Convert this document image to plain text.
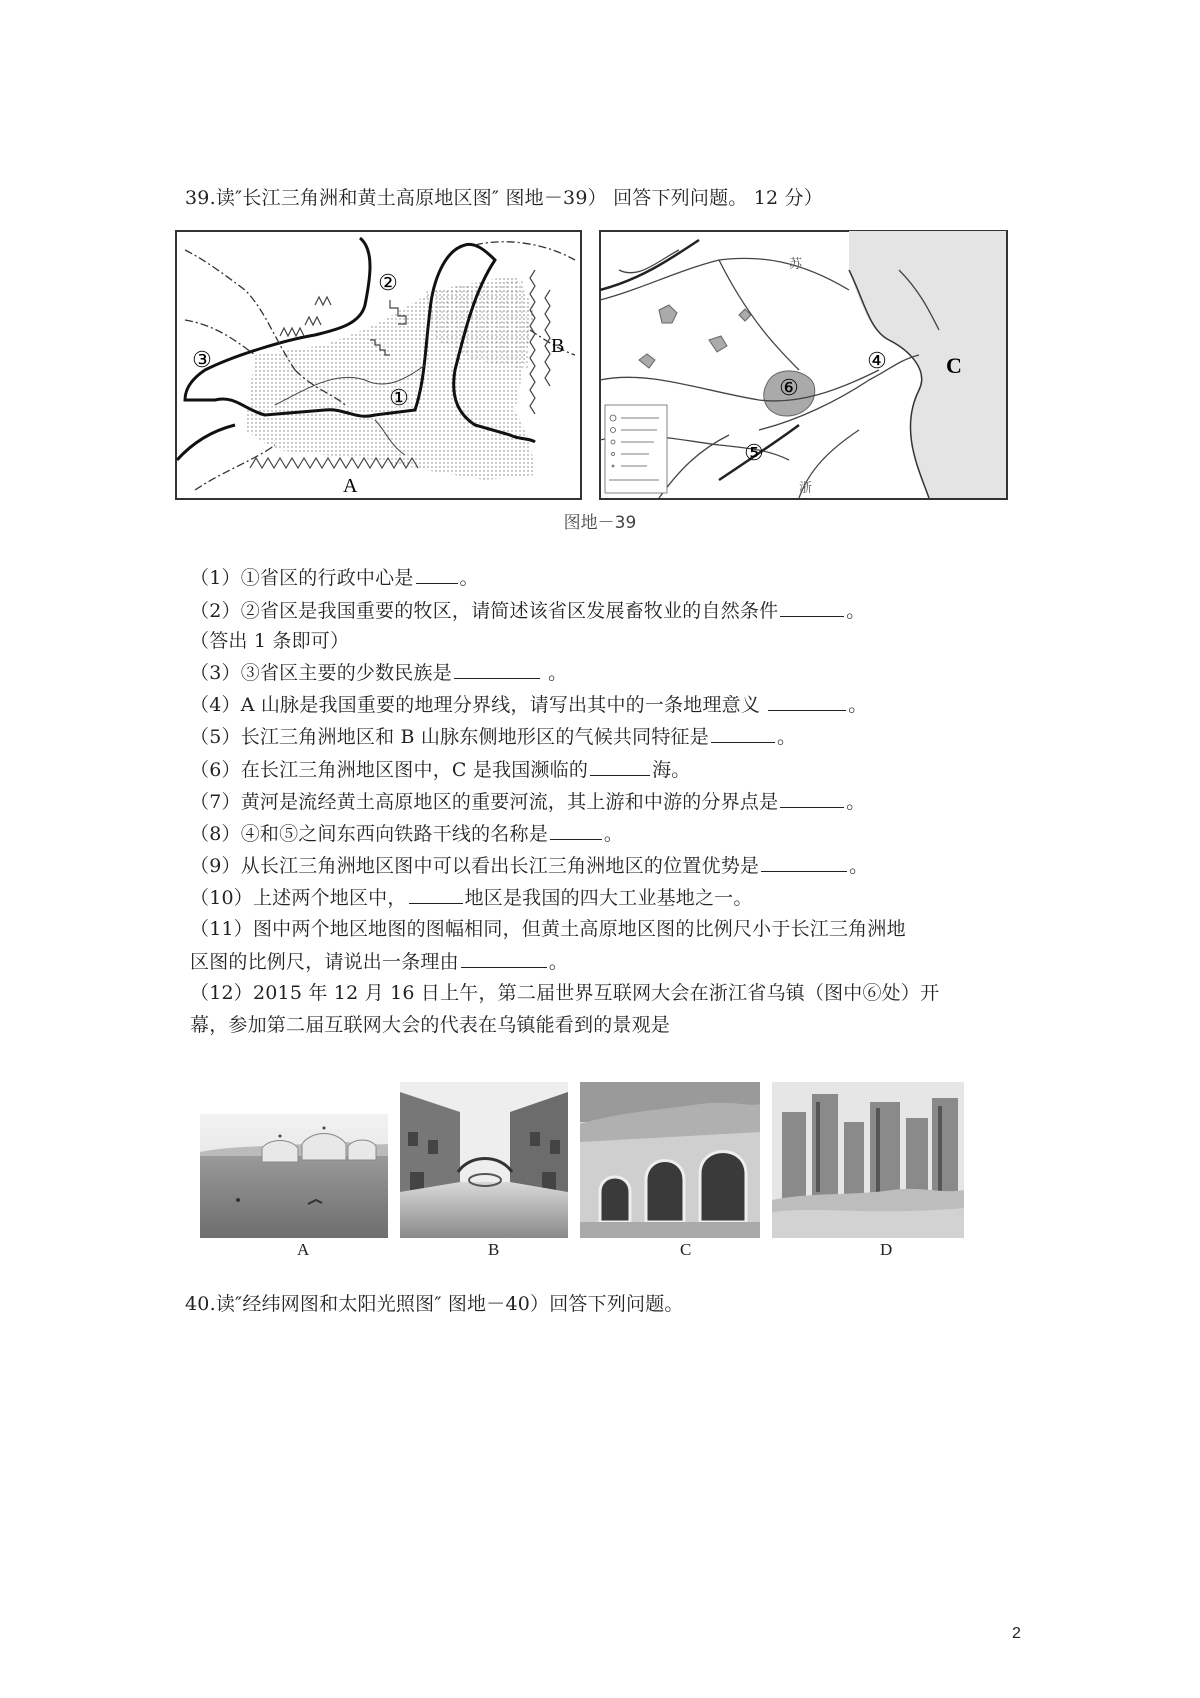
39.读″长江三角洲和黄土高原地区图″ 图地－39） 回答下列问题。 12 分）
②
③
①
B
A
苏
浙
④
⑥
⑤
C
图地－39
（1）①省区的行政中心是 。
（2）②省区是我国重要的牧区，请简述该省区发展畜牧业的自然条件	。
（答出 1 条即可）
（3）③省区主要的少数民族是	。
（4）A 山脉是我国重要的地理分界线，请写出其中的一条地理意义	。
（5）长江三角洲地区和 B 山脉东侧地形区的气候共同特征是	。
（6）在长江三角洲地区图中，C 是我国濒临的	海。
（7）黄河是流经黄土高原地区的重要河流，其上游和中游的分界点是	。
（8）④和⑤之间东西向铁路干线的名称是	。
（9）从长江三角洲地区图中可以看出长江三角洲地区的位置优势是	。
（10）上述两个地区中，	地区是我国的四大工业基地之一。
（11）图中两个地区地图的图幅相同，但黄土高原地区图的比例尺小于长江三角洲地
区图的比例尺，请说出一条理由	。
（12）2015 年 12 月 16 日上午，第二届世界互联网大会在浙江省乌镇（图中⑥处）开
幕，参加第二届互联网大会的代表在乌镇能看到的景观是
A	B	C	D
40.读″经纬网图和太阳光照图″ 图地－40）回答下列问题。
2
